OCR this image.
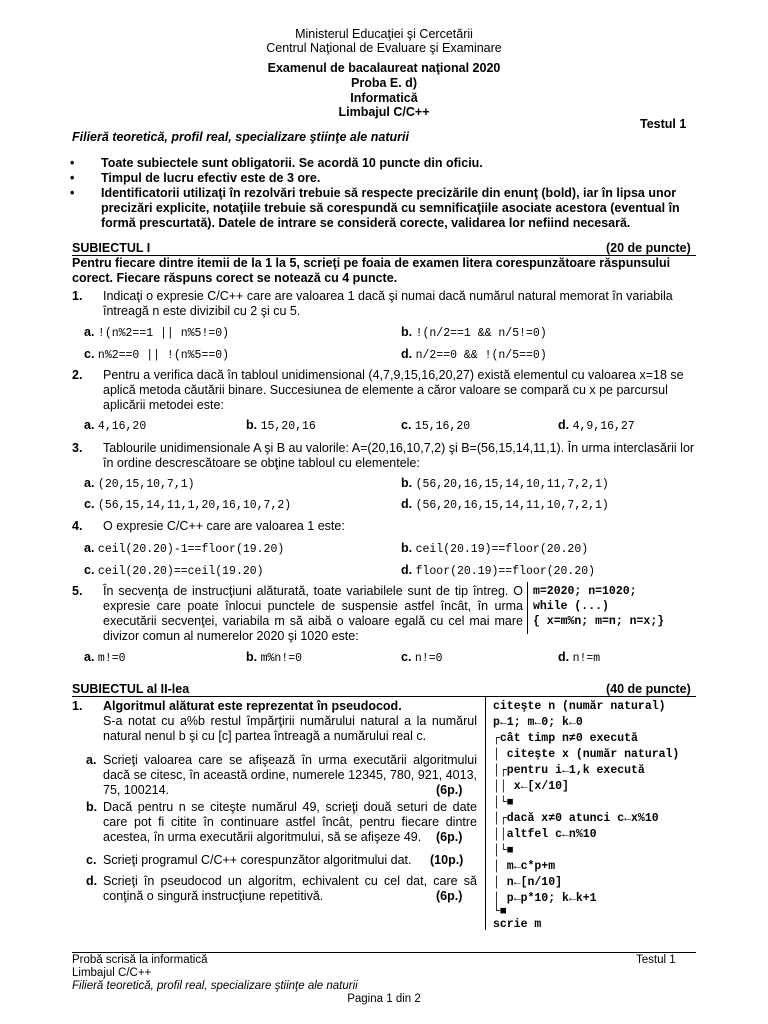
Ministerul Educaţiei şi Cercetării
Centrul Naţional de Evaluare şi Examinare
Examenul de bacalaureat naţional 2020
Proba E. d)
Informatică
Limbajul C/C++
Testul 1
Filieră teoretică, profil real, specializare ştiinţe ale naturii
• Toate subiectele sunt obligatorii. Se acordă 10 puncte din oficiu.
• Timpul de lucru efectiv este de 3 ore.
• Identificatorii utilizaţi în rezolvări trebuie să respecte precizările din enunţ (bold), iar în lipsa unor precizări explicite, notaţiile trebuie să corespundă cu semnificaţiile asociate acestora (eventual în formă prescurtată). Datele de intrare se consideră corecte, validarea lor nefiind necesară.
SUBIECTUL I	(20 de puncte)
Pentru fiecare dintre itemii de la 1 la 5, scrieţi pe foaia de examen litera corespunzătoare răspunsului corect. Fiecare răspuns corect se notează cu 4 puncte.
1. Indicaţi o expresie C/C++ care are valoarea 1 dacă şi numai dacă numărul natural memorat în variabila întreagă n este divizibil cu 2 şi cu 5.
a. !(n%2==1 || n%5!=0)	b. !(n/2==1 && n/5!=0)
c. n%2==0 || !(n%5==0)	d. n/2==0 && !(n/5==0)
2. Pentru a verifica dacă în tabloul unidimensional (4,7,9,15,16,20,27) există elementul cu valoarea x=18 se aplică metoda căutării binare. Succesiunea de elemente a căror valoare se compară cu x pe parcursul aplicării metodei este:
a. 4,16,20	b. 15,20,16	c. 15,16,20	d. 4,9,16,27
3. Tablourile unidimensionale A şi B au valorile: A=(20,16,10,7,2) şi B=(56,15,14,11,1). În urma interclasării lor în ordine descrescătoare se obţine tabloul cu elementele:
a. (20,15,10,7,1)	b. (56,20,16,15,14,10,11,7,2,1)
c. (56,15,14,11,1,20,16,10,7,2)	d. (56,20,16,15,14,11,10,7,2,1)
4. O expresie C/C++ care are valoarea 1 este:
a. ceil(20.20)-1==floor(19.20)	b. ceil(20.19)==floor(20.20)
c. ceil(20.20)==ceil(19.20)	d. floor(20.19)==floor(20.20)
5. În secvenţa de instrucţiuni alăturată, toate variabilele sunt de tip întreg. O expresie care poate înlocui punctele de suspensie astfel încât, în urma executării secvenţei, variabila m să aibă o valoare egală cu cel mai mare divizor comun al numerelor 2020 şi 1020 este:
m=2020; n=1020;
while (...)
{ x=m%n; m=n; n=x;}
a. m!=0	b. m%n!=0	c. n!=0	d. n!=m
SUBIECTUL al II-lea	(40 de puncte)
1. Algoritmul alăturat este reprezentat în pseudocod.
S-a notat cu a%b restul împărţirii numărului natural a la numărul natural nenul b şi cu [c] partea întreagă a numărului real c.
a. Scrieţi valoarea care se afişează în urma executării algoritmului dacă se citesc, în această ordine, numerele 12345, 780, 921, 4013, 75, 100214.	(6p.)
b. Dacă pentru n se citeşte numărul 49, scrieţi două seturi de date care pot fi citite în continuare astfel încât, pentru fiecare dintre acestea, în urma executării algoritmului, să se afişeze 49.	(6p.)
c. Scrieţi programul C/C++ corespunzător algoritmului dat. (10p.)
d. Scrieţi în pseudocod un algoritm, echivalent cu cel dat, care să conţină o singură instrucţiune repetitivă.	(6p.)
citeşte n (număr natural)
p←1; m←0; k←0
┌cât timp n≠0 execută
│ citeşte x (număr natural)
│┌pentru i←1,k execută
││ x←[x/10]
│└■
│┌dacă x≠0 atunci c←x%10
││altfel c←n%10
│└■
│ m←c*p+m
│ n←[n/10]
│ p←p*10; k←k+1
└■
scrie m
Probă scrisă la informatică	Testul 1
Limbajul C/C++
Filieră teoretică, profil real, specializare ştiinţe ale naturii
Pagina 1 din 2
